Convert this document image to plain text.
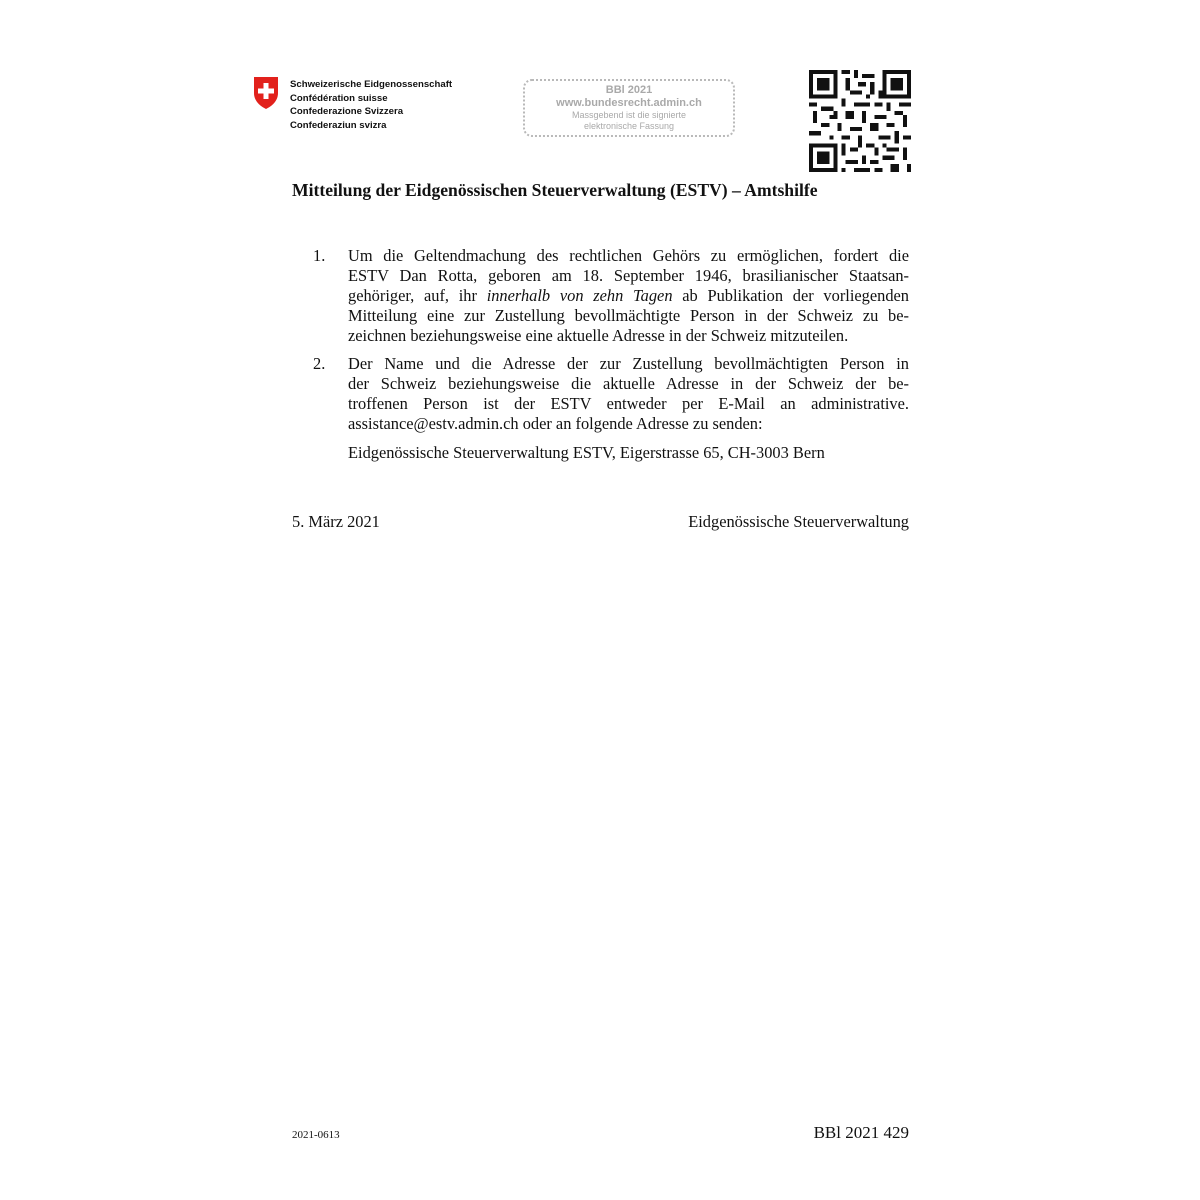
Schweizerische Eidgenossenschaft
Confédération suisse
Confederazione Svizzera
Confederaziun svizra
BBl 2021
www.bundesrecht.admin.ch
Massgebend ist die signierte
elektronische Fassung
Mitteilung der Eidgenössischen Steuerverwaltung (ESTV) – Amtshilfe
1. Um die Geltendmachung des rechtlichen Gehörs zu ermöglichen, fordert die
ESTV Dan Rotta, geboren am 18. September 1946, brasilianischer Staatsan-
gehöriger, auf, ihr innerhalb von zehn Tagen ab Publikation der vorliegenden
Mitteilung eine zur Zustellung bevollmächtigte Person in der Schweiz zu be-
zeichnen beziehungsweise eine aktuelle Adresse in der Schweiz mitzuteilen.
2. Der Name und die Adresse der zur Zustellung bevollmächtigten Person in
der Schweiz beziehungsweise die aktuelle Adresse in der Schweiz der be-
troffenen Person ist der ESTV entweder per E-Mail an administrative.
assistance@estv.admin.ch oder an folgende Adresse zu senden:
Eidgenössische Steuerverwaltung ESTV, Eigerstrasse 65, CH-3003 Bern
5. März 2021	Eidgenössische Steuerverwaltung
2021-0613	BBl 2021 429
